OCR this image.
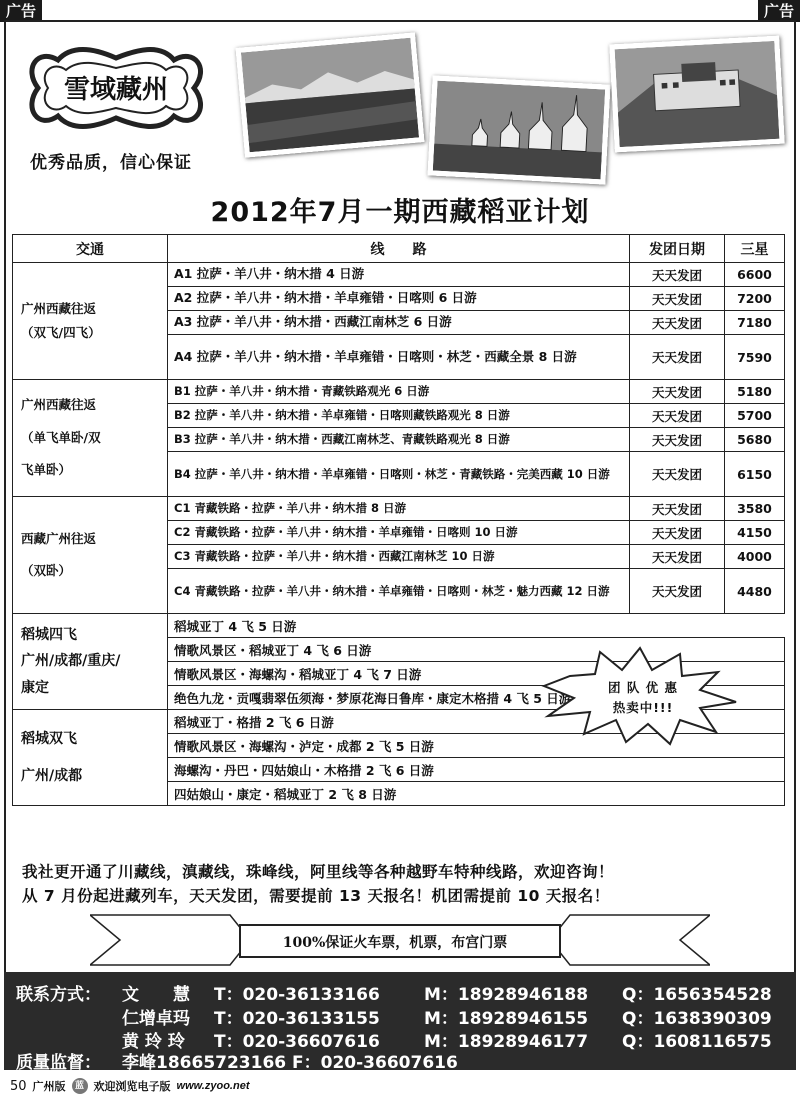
广告	广告
雪域藏州
优秀品质，信心保证
2012年7月一期西藏稻亚计划
交通	线　　路	发团日期	三星

广州西藏往返
（双飞/四飞）	A1 拉萨・羊八井・纳木措 4 日游	天天发团	6600
	A2 拉萨・羊八井・纳木措・羊卓雍错・日喀则 6 日游	天天发团	7200
	A3 拉萨・羊八井・纳木措・西藏江南林芝 6 日游	天天发团	7180
	A4 拉萨・羊八井・纳木措・羊卓雍错・日喀则・林芝・西藏全景 8 日游	天天发团	7590

广州西藏往返
（单飞单卧/双
飞单卧）	B1 拉萨・羊八井・纳木措・青藏铁路观光 6 日游	天天发团	5180
	B2 拉萨・羊八井・纳木措・羊卓雍错・日喀则藏铁路观光 8 日游	天天发团	5700
	B3 拉萨・羊八井・纳木措・西藏江南林芝、青藏铁路观光 8 日游	天天发团	5680
	B4 拉萨・羊八井・纳木措・羊卓雍错・日喀则・林芝・青藏铁路・完美西藏 10 日游	天天发团	6150

西藏广州往返
（双卧）	C1 青藏铁路・拉萨・羊八井・纳木措 8 日游	天天发团	3580
	C2 青藏铁路・拉萨・羊八井・纳木措・羊卓雍错・日喀则 10 日游	天天发团	4150
	C3 青藏铁路・拉萨・羊八井・纳木措・西藏江南林芝 10 日游	天天发团	4000
	C4 青藏铁路・拉萨・羊八井・纳木措・羊卓雍错・日喀则・林芝・魅力西藏 12 日游	天天发团	4480

稻城四飞
广州/成都/重庆/
康定	稻城亚丁 4 飞 5 日游		
	情歌风景区・稻城亚丁 4 飞 6 日游		
	情歌风景区・海螺沟・稻城亚丁 4 飞 7 日游		
	绝色九龙・贡嘎翡翠伍须海・梦原花海日鲁库・康定木格措 4 飞 5 日游		

稻城双飞
广州/成都	稻城亚丁・格措 2 飞 6 日游		
	情歌风景区・海螺沟・泸定・成都 2 飞 5 日游		
	海螺沟・丹巴・四姑娘山・木格措 2 飞 6 日游		
	四姑娘山・康定・稻城亚丁 2 飞 8 日游		
团 队 优 惠
热卖中!!!
我社更开通了川藏线，滇藏线，珠峰线，阿里线等各种越野车特种线路，欢迎咨询！
从 7 月份起进藏列车，天天发团，需要提前 13 天报名！机团需提前 10 天报名！
100%保证火车票，机票，布宫门票
联系方式： 文　　慧 T：020-36133166	M：18928946188 Q：1656354528
仁增卓玛 T：020-36133155	M：18928946155 Q：1638390309
黄 玲 玲 T：020-36607616	M：18928946177 Q：1608116575
质量监督： 李峰18665723166 F：020-36607616
50 广州版	蓝 欢迎浏览电子版 www.zyoo.net
